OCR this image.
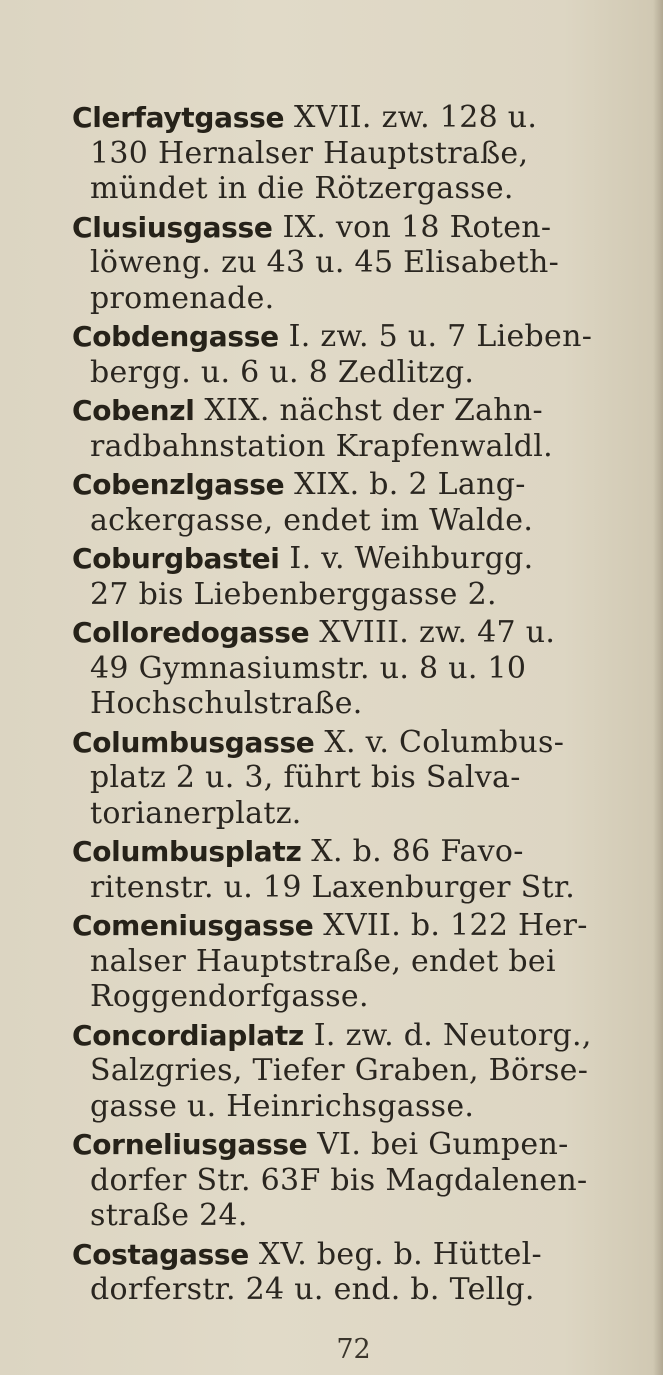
Clerfaytgasse XVII. zw. 128 u.
130 Hernalser Hauptstraße,
mündet in die Rötzergasse.
Clusiusgasse IX. von 18 Roten-
löweng. zu 43 u. 45 Elisabeth-
promenade.
Cobdengasse I. zw. 5 u. 7 Lieben-
bergg. u. 6 u. 8 Zedlitzg.
Cobenzl XIX. nächst der Zahn-
radbahnstation Krapfenwaldl.
Cobenzlgasse XIX. b. 2 Lang-
ackergasse, endet im Walde.
Coburgbastei I. v. Weihburgg.
27 bis Liebenberggasse 2.
Colloredogasse XVIII. zw. 47 u.
49 Gymnasiumstr. u. 8 u. 10
Hochschulstraße.
Columbusgasse X. v. Columbus-
platz 2 u. 3, führt bis Salva-
torianerplatz.
Columbusplatz X. b. 86 Favo-
ritenstr. u. 19 Laxenburger Str.
Comeniusgasse XVII. b. 122 Her-
nalser Hauptstraße, endet bei
Roggendorfgasse.
Concordiaplatz I. zw. d. Neutorg.,
Salzgries, Tiefer Graben, Börse-
gasse u. Heinrichsgasse.
Corneliusgasse VI. bei Gumpen-
dorfer Str. 63F bis Magdalenen-
straße 24.
Costagasse XV. beg. b. Hüttel-
dorferstr. 24 u. end. b. Tellg.
72
